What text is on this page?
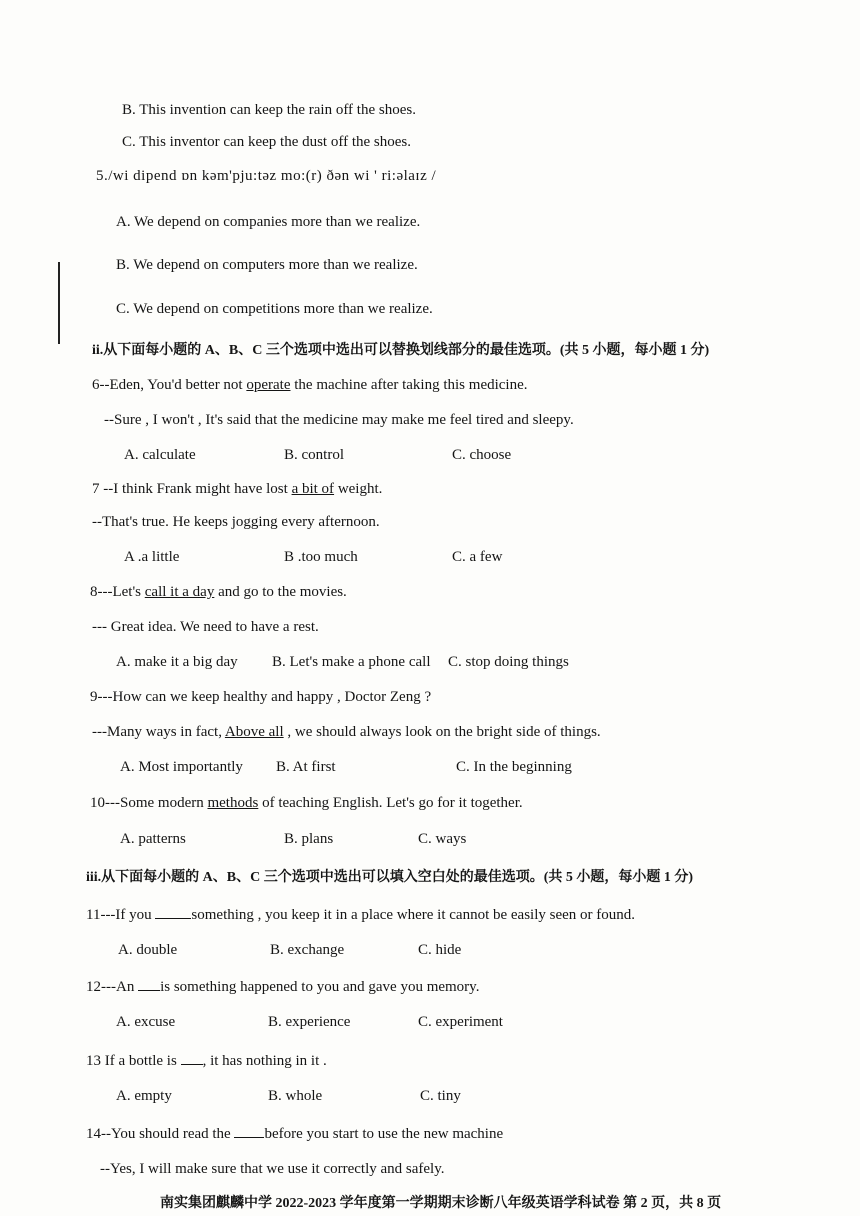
B. This invention can keep the rain off the shoes.
C. This inventor can keep the dust off the shoes.
5./wi dipend ɒn kəm'pju:təz mo:(r) ðən wi ' ri:əlaɪz /
A. We depend on companies more than we realize.
B. We depend on computers more than we realize.
C. We depend on competitions more than we realize.
ii.从下面每小题的 A、B、C 三个选项中选出可以替换划线部分的最佳选项。(共 5 小题，每小题 1 分)
6--Eden, You'd better not operate the machine after taking this medicine.
--Sure , I won't , It's said that the medicine may make me feel tired and sleepy.
A. calculate	B. control	C. choose
7 --I think Frank might have lost a bit of weight.
--That's true. He keeps jogging every afternoon.
A .a little	B .too much	C. a few
8---Let's call it a day and go to the movies.
--- Great idea. We need to have a rest.
A. make it a big day B. Let's make a phone call C. stop doing things
9---How can we keep healthy and happy , Doctor Zeng ?
---Many ways in fact, Above all , we should always look on the bright side of things.
A. Most importantly B. At first	C. In the beginning
10---Some modern methods of teaching English. Let's go for it together.
A. patterns	B. plans	C. ways
iii.从下面每小题的 A、B、C 三个选项中选出可以填入空白处的最佳选项。(共 5 小题，每小题 1 分)
11---If you something , you keep it in a place where it cannot be easily seen or found.
A. double	B. exchange	C. hide
12---An is something happened to you and gave you memory.
A. excuse	B. experience	C. experiment
13 If a bottle is , it has nothing in it .
A. empty	B. whole	C. tiny
14--You should read the before you start to use the new machine
--Yes, I will make sure that we use it correctly and safely.
南实集团麒麟中学 2022-2023 学年度第一学期期末诊断八年级英语学科试卷 第 2 页，共 8 页
